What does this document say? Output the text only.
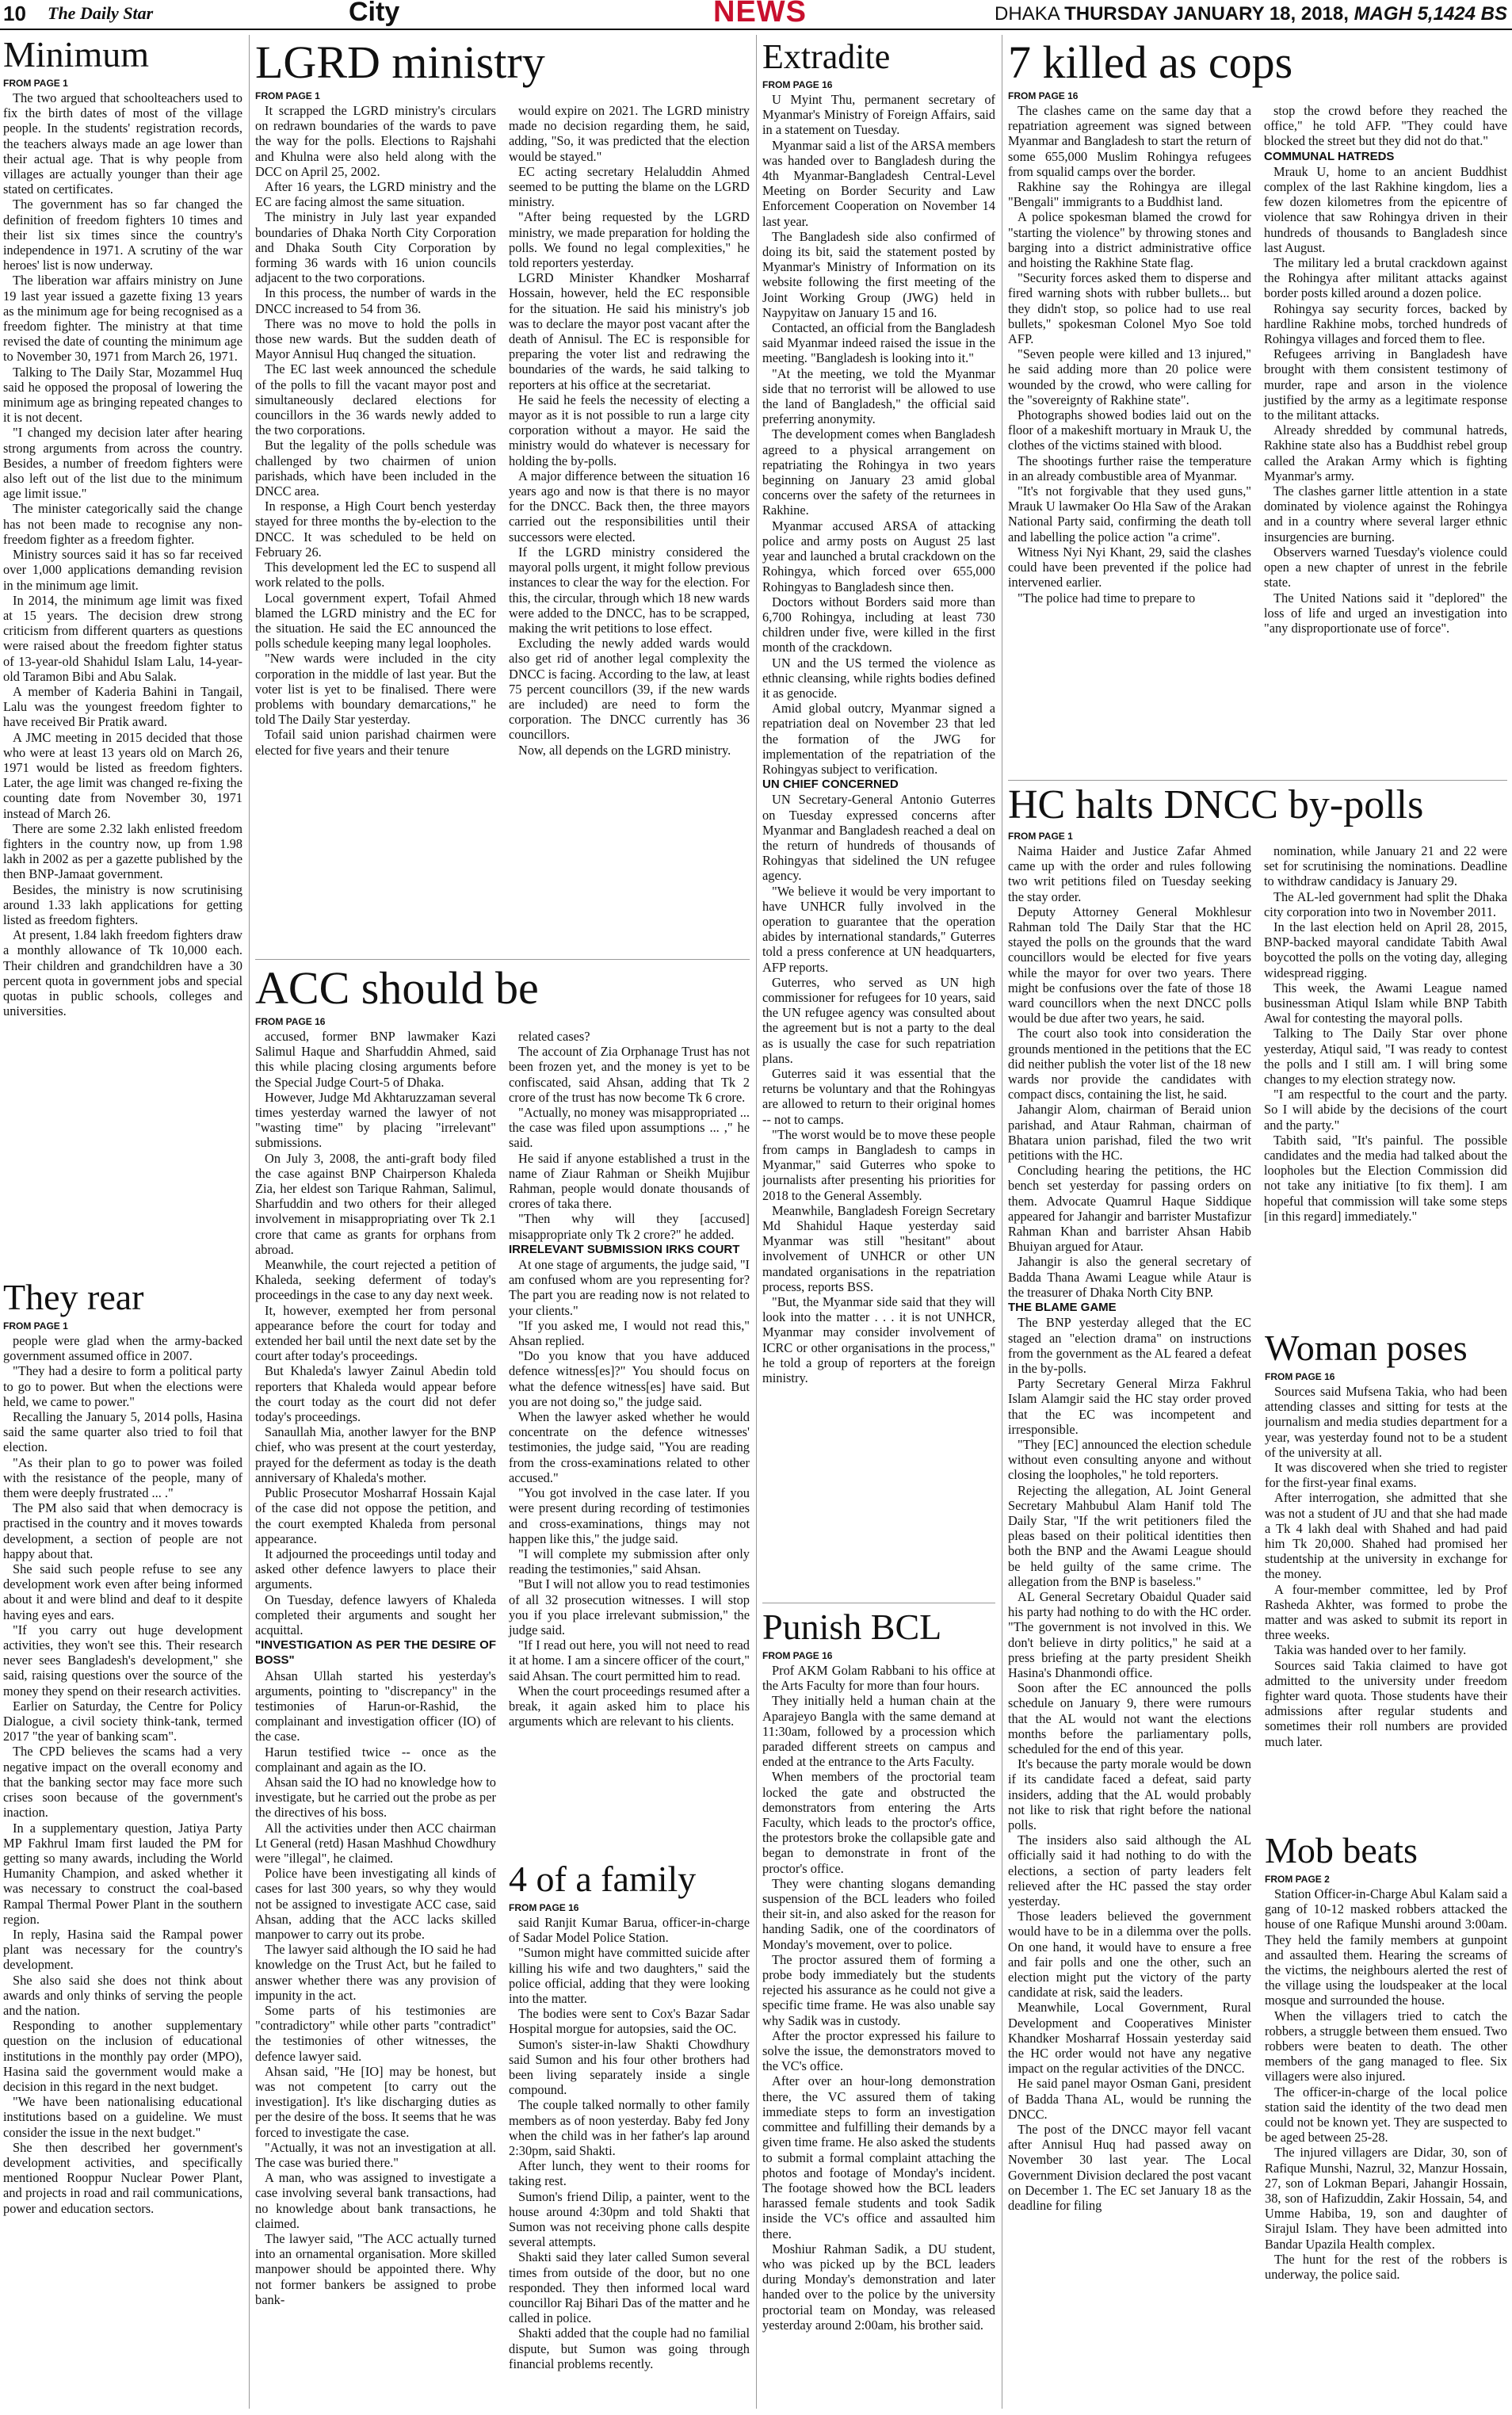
10 The Daily Star	City	NEWS	DHAKA THURSDAY JANUARY 18, 2018, MAGH 5,1424 BS
Minimum
FROM PAGE 1

The two argued that schoolteachers used to fix the birth dates of most of the village people. In the students' registration records, the teachers always made an age lower than their actual age. That is why people from villages are actually younger than their age stated on certificates.

The government has so far changed the definition of freedom fighters 10 times and their list six times since the country's independence in 1971. A scrutiny of the war heroes' list is now underway.

The liberation war affairs ministry on June 19 last year issued a gazette fixing 13 years as the minimum age for being recognised as a freedom fighter. The ministry at that time revised the date of counting the minimum age to November 30, 1971 from March 26, 1971.

Talking to The Daily Star, Mozammel Huq said he opposed the proposal of lowering the minimum age as bringing repeated changes to it is not decent.

"I changed my decision later after hearing strong arguments from across the country. Besides, a number of freedom fighters were also left out of the list due to the minimum age limit issue."

The minister categorically said the change has not been made to recognise any non-freedom fighter as a freedom fighter.

Ministry sources said it has so far received over 1,000 applications demanding revision in the minimum age limit.

In 2014, the minimum age limit was fixed at 15 years. The decision drew strong criticism from different quarters as questions were raised about the freedom fighter status of 13-year-old Shahidul Islam Lalu, 14-year-old Taramon Bibi and Abu Salak.

A member of Kaderia Bahini in Tangail, Lalu was the youngest freedom fighter to have received Bir Pratik award.

A JMC meeting in 2015 decided that those who were at least 13 years old on March 26, 1971 would be listed as freedom fighters. Later, the age limit was changed re-fixing the counting date from November 30, 1971 instead of March 26.

There are some 2.32 lakh enlisted freedom fighters in the country now, up from 1.98 lakh in 2002 as per a gazette published by the then BNP-Jamaat government.

Besides, the ministry is now scrutinising around 1.33 lakh applications for getting listed as freedom fighters.

At present, 1.84 lakh freedom fighters draw a monthly allowance of Tk 10,000 each. Their children and grandchildren have a 30 percent quota in government jobs and special quotas in public schools, colleges and universities.

They rear
FROM PAGE 1

people were glad when the army-backed government assumed office in 2007.

"They had a desire to form a political party to go to power. But when the elections were held, we came to power."

Recalling the January 5, 2014 polls, Hasina said the same quarter also tried to foil that election.

"As their plan to go to power was foiled with the resistance of the people, many of them were deeply frustrated ... ."

The PM also said that when democracy is practised in the country and it moves towards development, a section of people are not happy about that.

She said such people refuse to see any development work even after being informed about it and were blind and deaf to it despite having eyes and ears.

"If you carry out huge development activities, they won't see this. Their research never sees Bangladesh's development," she said, raising questions over the source of the money they spend on their research activities.

Earlier on Saturday, the Centre for Policy Dialogue, a civil society think-tank, termed 2017 "the year of banking scam".

The CPD believes the scams had a very negative impact on the overall economy and that the banking sector may face more such crises soon because of the government's inaction.

In a supplementary question, Jatiya Party MP Fakhrul Imam first lauded the PM for getting so many awards, including the World Humanity Champion, and asked whether it was necessary to construct the coal-based Rampal Thermal Power Plant in the southern region.

In reply, Hasina said the Rampal power plant was necessary for the country's development.

She also said she does not think about awards and only thinks of serving the people and the nation.

Responding to another supplementary question on the inclusion of educational institutions in the monthly pay order (MPO), Hasina said the government would make a decision in this regard in the next budget.

"We have been nationalising educational institutions based on a guideline. We must consider the issue in the next budget."

She then described her government's development activities, and specifically mentioned Rooppur Nuclear Power Plant, and projects in road and rail communications, power and education sectors.

LGRD ministry
FROM PAGE 1

It scrapped the LGRD ministry's circulars on redrawn boundaries of the wards to pave the way for the polls. Elections to Rajshahi and Khulna were also held along with the DCC on April 25, 2002.

After 16 years, the LGRD ministry and the EC are facing almost the same situation.

The ministry in July last year expanded boundaries of Dhaka North City Corporation and Dhaka South City Corporation by forming 36 wards with 16 union councils adjacent to the two corporations.

In this process, the number of wards in the DNCC increased to 54 from 36.

There was no move to hold the polls in those new wards. But the sudden death of Mayor Annisul Huq changed the situation.

The EC last week announced the schedule of the polls to fill the vacant mayor post and simultaneously declared elections for councillors in the 36 wards newly added to the two corporations.

But the legality of the polls schedule was challenged by two chairmen of union parishads, which have been included in the DNCC area.

In response, a High Court bench yesterday stayed for three months the by-election to the DNCC. It was scheduled to be held on February 26.

This development led the EC to suspend all work related to the polls.

Local government expert, Tofail Ahmed blamed the LGRD ministry and the EC for the situation. He said the EC announced the polls schedule keeping many legal loopholes.

"New wards were included in the city corporation in the middle of last year. But the voter list is yet to be finalised. There were problems with boundary demarcations," he told The Daily Star yesterday.

Tofail said union parishad chairmen were elected for five years and their tenure

would expire on 2021. The LGRD ministry made no decision regarding them, he said, adding, "So, it was predicted that the election would be stayed."

EC acting secretary Helaluddin Ahmed seemed to be putting the blame on the LGRD ministry.

"After being requested by the LGRD ministry, we made preparation for holding the polls. We found no legal complexities," he told reporters yesterday.

LGRD Minister Khandker Mosharraf Hossain, however, held the EC responsible for the situation. He said his ministry's job was to declare the mayor post vacant after the death of Annisul. The EC is responsible for preparing the voter list and redrawing the boundaries of the wards, he said talking to reporters at his office at the secretariat.

He said he feels the necessity of electing a mayor as it is not possible to run a large city corporation without a mayor. He said the ministry would do whatever is necessary for holding the by-polls.

A major difference between the situation 16 years ago and now is that there is no mayor for the DNCC. Back then, the three mayors carried out the responsibilities until their successors were elected.

If the LGRD ministry considered the mayoral polls urgent, it might follow previous instances to clear the way for the election. For this, the circular, through which 18 new wards were added to the DNCC, has to be scrapped, making the writ petitions to lose effect.

Excluding the newly added wards would also get rid of another legal complexity the DNCC is facing. According to the law, at least 75 percent councillors (39, if the new wards are included) are need to form the corporation. The DNCC currently has 36 councillors.

Now, all depends on the LGRD ministry.

ACC should be
FROM PAGE 16

accused, former BNP lawmaker Kazi Salimul Haque and Sharfuddin Ahmed, said this while placing closing arguments before the Special Judge Court-5 of Dhaka.

However, Judge Md Akhtaruzzaman several times yesterday warned the lawyer of not "wasting time" by placing "irrelevant" submissions.

On July 3, 2008, the anti-graft body filed the case against BNP Chairperson Khaleda Zia, her eldest son Tarique Rahman, Salimul, Sharfuddin and two others for their alleged involvement in misappropriating over Tk 2.1 crore that came as grants for orphans from abroad.

Meanwhile, the court rejected a petition of Khaleda, seeking deferment of today's proceedings in the case to any day next week.

It, however, exempted her from personal appearance before the court for today and extended her bail until the next date set by the court after today's proceedings.

But Khaleda's lawyer Zainul Abedin told reporters that Khaleda would appear before the court today as the court did not defer today's proceedings.

Sanaullah Mia, another lawyer for the BNP chief, who was present at the court yesterday, prayed for the deferment as today is the death anniversary of Khaleda's mother.

Public Prosecutor Mosharraf Hossain Kajal of the case did not oppose the petition, and the court exempted Khaleda from personal appearance.

It adjourned the proceedings until today and asked other defence lawyers to place their arguments.

On Tuesday, defence lawyers of Khaleda completed their arguments and sought her acquittal.

"INVESTIGATION AS PER THE DESIRE OF BOSS"

Ahsan Ullah started his yesterday's arguments, pointing to "discrepancy" in the testimonies of Harun-or-Rashid, the complainant and investigation officer (IO) of the case.

Harun testified twice -- once as the complainant and again as the IO.

Ahsan said the IO had no knowledge how to investigate, but he carried out the probe as per the directives of his boss.

All the activities under then ACC chairman Lt General (retd) Hasan Mashhud Chowdhury were "illegal", he claimed.

Police have been investigating all kinds of cases for last 300 years, so why they would not be assigned to investigate ACC case, said Ahsan, adding that the ACC lacks skilled manpower to carry out its probe.

The lawyer said although the IO said he had knowledge on the Trust Act, but he failed to answer whether there was any provision of impunity in the act.

Some parts of his testimonies are "contradictory" while other parts "contradict" the testimonies of other witnesses, the defence lawyer said.

Ahsan said, "He [IO] may be honest, but was not competent [to carry out the investigation]. It's like discharging duties as per the desire of the boss. It seems that he was forced to investigate the case.

"Actually, it was not an investigation at all. The case was buried there."

A man, who was assigned to investigate a case involving several bank transactions, had no knowledge about bank transactions, he claimed.

The lawyer said, "The ACC actually turned into an ornamental organisation. More skilled manpower should be appointed there. Why not former bankers be assigned to probe bank-

related cases?

The account of Zia Orphanage Trust has not been frozen yet, and the money is yet to be confiscated, said Ahsan, adding that Tk 2 crore of the trust has now become Tk 6 crore.

"Actually, no money was misappropriated ... the case was filed upon assumptions ... ," he said.

He said if anyone established a trust in the name of Ziaur Rahman or Sheikh Mujibur Rahman, people would donate thousands of crores of taka there.

"Then why will they [accused] misappropriate only Tk 2 crore?" he added.

IRRELEVANT SUBMISSION IRKS COURT

At one stage of arguments, the judge said, "I am confused whom are you representing for? The part you are reading now is not related to your clients."

"If you asked me, I would not read this," Ahsan replied.

"Do you know that you have adduced defence witness[es]?" You should focus on what the defence witness[es] have said. But you are not doing so," the judge said.

When the lawyer asked whether he would concentrate on the defence witnesses' testimonies, the judge said, "You are reading from the cross-examinations related to other accused."

"You got involved in the case later. If you were present during recording of testimonies and cross-examinations, things may not happen like this," the judge said.

"I will complete my submission after only reading the testimonies," said Ahsan.

"But I will not allow you to read testimonies of all 32 prosecution witnesses. I will stop you if you place irrelevant submission," the judge said.

"If I read out here, you will not need to read it at home. I am a sincere officer of the court," said Ahsan. The court permitted him to read.

When the court proceedings resumed after a break, it again asked him to place his arguments which are relevant to his clients.

4 of a family
FROM PAGE 16

said Ranjit Kumar Barua, officer-in-charge of Sadar Model Police Station.

"Sumon might have committed suicide after killing his wife and two daughters," said the police official, adding that they were looking into the matter.

The bodies were sent to Cox's Bazar Sadar Hospital morgue for autopsies, said the OC.

Sumon's sister-in-law Shakti Chowdhury said Sumon and his four other brothers had been living separately inside a single compound.

The couple talked normally to other family members as of noon yesterday. Baby fed Jony when the child was in her father's lap around 2:30pm, said Shakti.

After lunch, they went to their rooms for taking rest.

Sumon's friend Dilip, a painter, went to the house around 4:30pm and told Shakti that Sumon was not receiving phone calls despite several attempts.

Shakti said they later called Sumon several times from outside of the door, but no one responded. They then informed local ward councillor Raj Bihari Das of the matter and he called in police.

Shakti added that the couple had no familial dispute, but Sumon was going through financial problems recently.

Extradite
FROM PAGE 16

U Myint Thu, permanent secretary of Myanmar's Ministry of Foreign Affairs, said in a statement on Tuesday.

Myanmar said a list of the ARSA members was handed over to Bangladesh during the 4th Myanmar-Bangladesh Central-Level Meeting on Border Security and Law Enforcement Cooperation on November 14 last year.

The Bangladesh side also confirmed of doing its bit, said the statement posted by Myanmar's Ministry of Information on its website following the first meeting of the Joint Working Group (JWG) held in Naypyitaw on January 15 and 16.

Contacted, an official from the Bangladesh said Myanmar indeed raised the issue in the meeting. "Bangladesh is looking into it."

"At the meeting, we told the Myanmar side that no terrorist will be allowed to use the land of Bangladesh," the official said preferring anonymity.

The development comes when Bangladesh agreed to a physical arrangement on repatriating the Rohingya in two years beginning on January 23 amid global concerns over the safety of the returnees in Rakhine.

Myanmar accused ARSA of attacking police and army posts on August 25 last year and launched a brutal crackdown on the Rohingya, which forced over 655,000 Rohingyas to Bangladesh since then.

Doctors without Borders said more than 6,700 Rohingya, including at least 730 children under five, were killed in the first month of the crackdown.

UN and the US termed the violence as ethnic cleansing, while rights bodies defined it as genocide.

Amid global outcry, Myanmar signed a repatriation deal on November 23 that led the formation of the JWG for implementation of the repatriation of the Rohingyas subject to verification.

UN CHIEF CONCERNED

UN Secretary-General Antonio Guterres on Tuesday expressed concerns after Myanmar and Bangladesh reached a deal on the return of hundreds of thousands of Rohingyas that sidelined the UN refugee agency.

"We believe it would be very important to have UNHCR fully involved in the operation to guarantee that the operation abides by international standards," Guterres told a press conference at UN headquarters, AFP reports.

Guterres, who served as UN high commissioner for refugees for 10 years, said the UN refugee agency was consulted about the agreement but is not a party to the deal as is usually the case for such repatriation plans.

Guterres said it was essential that the returns be voluntary and that the Rohingyas are allowed to return to their original homes -- not to camps.

"The worst would be to move these people from camps in Bangladesh to camps in Myanmar," said Guterres who spoke to journalists after presenting his priorities for 2018 to the General Assembly.

Meanwhile, Bangladesh Foreign Secretary Md Shahidul Haque yesterday said Myanmar was still "hesitant" about involvement of UNHCR or other UN mandated organisations in the repatriation process, reports BSS.

"But, the Myanmar side said that they will look into the matter . . . it is not UNHCR, Myanmar may consider involvement of ICRC or other organisations in the process," he told a group of reporters at the foreign ministry.

Punish BCL
FROM PAGE 16

Prof AKM Golam Rabbani to his office at the Arts Faculty for more than four hours.

They initially held a human chain at the Aparajeyo Bangla with the same demand at 11:30am, followed by a procession which paraded different streets on campus and ended at the entrance to the Arts Faculty.

When members of the proctorial team locked the gate and obstructed the demonstrators from entering the Arts Faculty, which leads to the proctor's office, the protestors broke the collapsible gate and began to demonstrate in front of the proctor's office.

They were chanting slogans demanding suspension of the BCL leaders who foiled their sit-in, and also asked for the reason for handing Sadik, one of the coordinators of Monday's movement, over to police.

The proctor assured them of forming a probe body immediately but the students rejected his assurance as he could not give a specific time frame. He was also unable say why Sadik was in custody.

After the proctor expressed his failure to solve the issue, the demonstrators moved to the VC's office.

After over an hour-long demonstration there, the VC assured them of taking immediate steps to form an investigation committee and fulfilling their demands by a given time frame. He also asked the students to submit a formal complaint attaching the photos and footage of Monday's incident. The footage showed how the BCL leaders harassed female students and took Sadik inside the VC's office and assaulted him there.

Moshiur Rahman Sadik, a DU student, who was picked up by the BCL leaders during Monday's demonstration and later handed over to the police by the university proctorial team on Monday, was released yesterday around 2:00am, his brother said.

7 killed as cops
FROM PAGE 16

The clashes came on the same day that a repatriation agreement was signed between Myanmar and Bangladesh to start the return of some 655,000 Muslim Rohingya refugees from squalid camps over the border.

Rakhine say the Rohingya are illegal "Bengali" immigrants to a Buddhist land.

A police spokesman blamed the crowd for "starting the violence" by throwing stones and barging into a district administrative office and hoisting the Rakhine State flag.

"Security forces asked them to disperse and fired warning shots with rubber bullets... but they didn't stop, so police had to use real bullets," spokesman Colonel Myo Soe told AFP.

"Seven people were killed and 13 injured," he said adding more than 20 police were wounded by the crowd, who were calling for the "sovereignty of Rakhine state".

Photographs showed bodies laid out on the floor of a makeshift mortuary in Mrauk U, the clothes of the victims stained with blood.

The shootings further raise the temperature in an already combustible area of Myanmar.

"It's not forgivable that they used guns," Mrauk U lawmaker Oo Hla Saw of the Arakan National Party said, confirming the death toll and labelling the police action "a crime".

Witness Nyi Nyi Khant, 29, said the clashes could have been prevented if the police had intervened earlier.

"The police had time to prepare to

stop the crowd before they reached the office," he told AFP. "They could have blocked the street but they did not do that."

COMMUNAL HATREDS

Mrauk U, home to an ancient Buddhist complex of the last Rakhine kingdom, lies a few dozen kilometres from the epicentre of violence that saw Rohingya driven in their hundreds of thousands to Bangladesh since last August.

The military led a brutal crackdown against the Rohingya after militant attacks against border posts killed around a dozen police.

Rohingya say security forces, backed by hardline Rakhine mobs, torched hundreds of Rohingya villages and forced them to flee.

Refugees arriving in Bangladesh have brought with them consistent testimony of murder, rape and arson in the violence justified by the army as a legitimate response to the militant attacks.

Already shredded by communal hatreds, Rakhine state also has a Buddhist rebel group called the Arakan Army which is fighting Myanmar's army.

The clashes garner little attention in a state dominated by violence against the Rohingya and in a country where several larger ethnic insurgencies are burning.

Observers warned Tuesday's violence could open a new chapter of unrest in the febrile state.

The United Nations said it "deplored" the loss of life and urged an investigation into "any disproportionate use of force".

HC halts DNCC by-polls
FROM PAGE 1

Naima Haider and Justice Zafar Ahmed came up with the order and rules following two writ petitions filed on Tuesday seeking the stay order.

Deputy Attorney General Mokhlesur Rahman told The Daily Star that the HC stayed the polls on the grounds that the ward councillors would be elected for five years while the mayor for over two years. There might be confusions over the fate of those 18 ward councillors when the next DNCC polls would be due after two years, he said.

The court also took into consideration the grounds mentioned in the petitions that the EC did neither publish the voter list of the 18 new wards nor provide the candidates with compact discs, containing the list, he said.

Jahangir Alom, chairman of Beraid union parishad, and Ataur Rahman, chairman of Bhatara union parishad, filed the two writ petitions with the HC.

Concluding hearing the petitions, the HC bench set yesterday for passing orders on them. Advocate Quamrul Haque Siddique appeared for Jahangir and barrister Mustafizur Rahman Khan and barrister Ahsan Habib Bhuiyan argued for Ataur.

Jahangir is also the general secretary of Badda Thana Awami League while Ataur is the treasurer of Dhaka North City BNP.

THE BLAME GAME

The BNP yesterday alleged that the EC staged an "election drama" on instructions from the government as the AL feared a defeat in the by-polls.

Party Secretary General Mirza Fakhrul Islam Alamgir said the HC stay order proved that the EC was incompetent and irresponsible.

"They [EC] announced the election schedule without even consulting anyone and without closing the loopholes," he told reporters.

Rejecting the allegation, AL Joint General Secretary Mahbubul Alam Hanif told The Daily Star, "If the writ petitioners filed the pleas based on their political identities then both the BNP and the Awami League should be held guilty of the same crime. The allegation from the BNP is baseless."

AL General Secretary Obaidul Quader said his party had nothing to do with the HC order. "The government is not involved in this. We don't believe in dirty politics," he said at a press briefing at the party president Sheikh Hasina's Dhanmondi office.

Soon after the EC announced the polls schedule on January 9, there were rumours that the AL would not want the elections months before the parliamentary polls, scheduled for the end of this year.

It's because the party morale would be down if its candidate faced a defeat, said party insiders, adding that the AL would probably not like to risk that right before the national polls.

The insiders also said although the AL officially said it had nothing to do with the elections, a section of party leaders felt relieved after the HC passed the stay order yesterday.

Those leaders believed the government would have to be in a dilemma over the polls. On one hand, it would have to ensure a free and fair polls and one the other, such an election might put the victory of the party candidate at risk, said the leaders.

Meanwhile, Local Government, Rural Development and Cooperatives Minister Khandker Mosharraf Hossain yesterday said the HC order would not have any negative impact on the regular activities of the DNCC.

He said panel mayor Osman Gani, president of Badda Thana AL, would be running the DNCC.

The post of the DNCC mayor fell vacant after Annisul Huq had passed away on November 30 last year. The Local Government Division declared the post vacant on December 1. The EC set January 18 as the deadline for filing

nomination, while January 21 and 22 were set for scrutinising the nominations. Deadline to withdraw candidacy is January 29.

The AL-led government had split the Dhaka city corporation into two in November 2011.

In the last election held on April 28, 2015, BNP-backed mayoral candidate Tabith Awal boycotted the polls on the voting day, alleging widespread rigging.

This week, the Awami League named businessman Atiqul Islam while BNP Tabith Awal for contesting the mayoral polls.

Talking to The Daily Star over phone yesterday, Atiqul said, "I was ready to contest the polls and I still am. I will bring some changes to my election strategy now.

"I am respectful to the court and the party. So I will abide by the decisions of the court and the party."

Tabith said, "It's painful. The possible candidates and the media had talked about the loopholes but the Election Commission did not take any initiative [to fix them]. I am hopeful that commission will take some steps [in this regard] immediately."

Woman poses
FROM PAGE 16

Sources said Mufsena Takia, who had been attending classes and sitting for tests at the journalism and media studies department for a year, was yesterday found not to be a student of the university at all.

It was discovered when she tried to register for the first-year final exams.

After interrogation, she admitted that she was not a student of JU and that she had made a Tk 4 lakh deal with Shahed and had paid him Tk 20,000. Shahed had promised her studentship at the university in exchange for the money.

A four-member committee, led by Prof Rasheda Akhter, was formed to probe the matter and was asked to submit its report in three weeks.

Takia was handed over to her family.

Sources said Takia claimed to have got admitted to the university under freedom fighter ward quota. Those students have their admissions after regular students and sometimes their roll numbers are provided much later.

Mob beats
FROM PAGE 2

Station Officer-in-Charge Abul Kalam said a gang of 10-12 masked robbers attacked the house of one Rafique Munshi around 3:00am. They held the family members at gunpoint and assaulted them. Hearing the screams of the victims, the neighbours alerted the rest of the village using the loudspeaker at the local mosque and surrounded the house.

When the villagers tried to catch the robbers, a struggle between them ensued. Two robbers were beaten to death. The other members of the gang managed to flee. Six villagers were also injured.

The officer-in-charge of the local police station said the identity of the two dead men could not be known yet. They are suspected to be aged between 25-28.

The injured villagers are Didar, 30, son of Rafique Munshi, Nazrul, 32, Manzur Hossain, 27, son of Lokman Bepari, Jahangir Hossain, 38, son of Hafizuddin, Zakir Hossain, 54, and Umme Habiba, 19, son and daughter of Sirajul Islam. They have been admitted into Bandar Upazila Health complex.

The hunt for the rest of the robbers is underway, the police said.
